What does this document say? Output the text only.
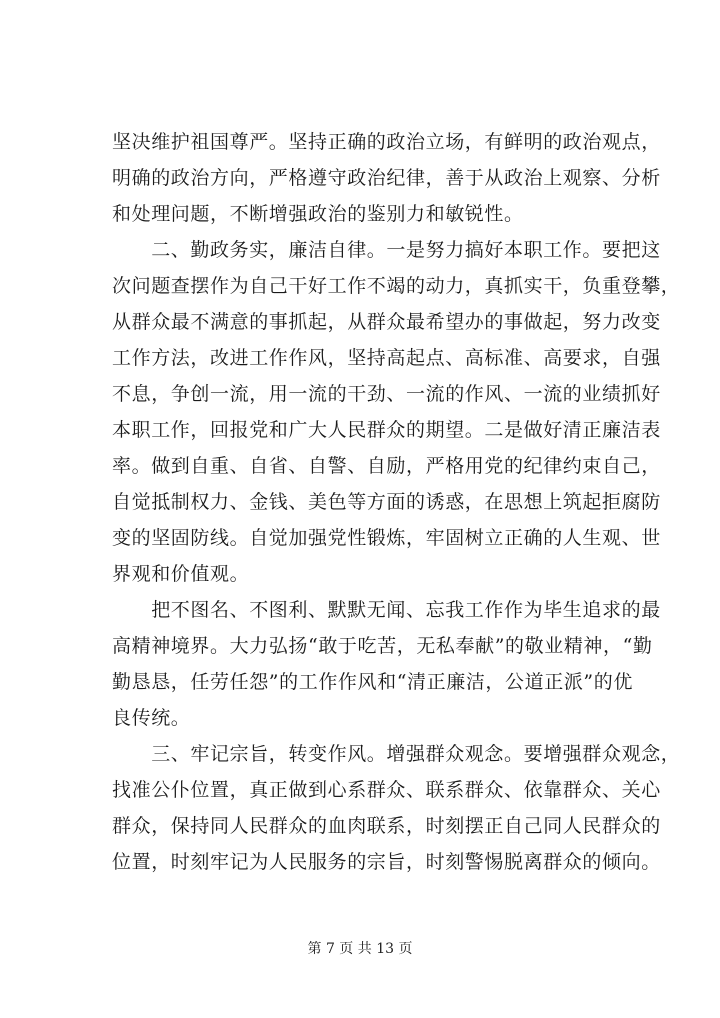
坚决维护祖国尊严。坚持正确的政治立场，有鲜明的政治观点，
明确的政治方向，严格遵守政治纪律，善于从政治上观察、分析
和处理问题，不断增强政治的鉴别力和敏锐性。
　　二、勤政务实，廉洁自律。一是努力搞好本职工作。要把这
次问题查摆作为自己干好工作不竭的动力，真抓实干，负重登攀，
从群众最不满意的事抓起，从群众最希望办的事做起，努力改变
工作方法，改进工作作风，坚持高起点、高标准、高要求，自强
不息，争创一流，用一流的干劲、一流的作风、一流的业绩抓好
本职工作，回报党和广大人民群众的期望。二是做好清正廉洁表
率。做到自重、自省、自警、自励，严格用党的纪律约束自己，
自觉抵制权力、金钱、美色等方面的诱惑，在思想上筑起拒腐防
变的坚固防线。自觉加强党性锻炼，牢固树立正确的人生观、世
界观和价值观。
　　把不图名、不图利、默默无闻、忘我工作作为毕生追求的最
高精神境界。大力弘扬“敢于吃苦，无私奉献”的敬业精神，“勤
勤恳恳，任劳任怨”的工作作风和“清正廉洁，公道正派”的优
良传统。
　　三、牢记宗旨，转变作风。增强群众观念。要增强群众观念，
找准公仆位置，真正做到心系群众、联系群众、依靠群众、关心
群众，保持同人民群众的血肉联系，时刻摆正自己同人民群众的
位置，时刻牢记为人民服务的宗旨，时刻警惕脱离群众的倾向。
第 7 页 共 13 页
